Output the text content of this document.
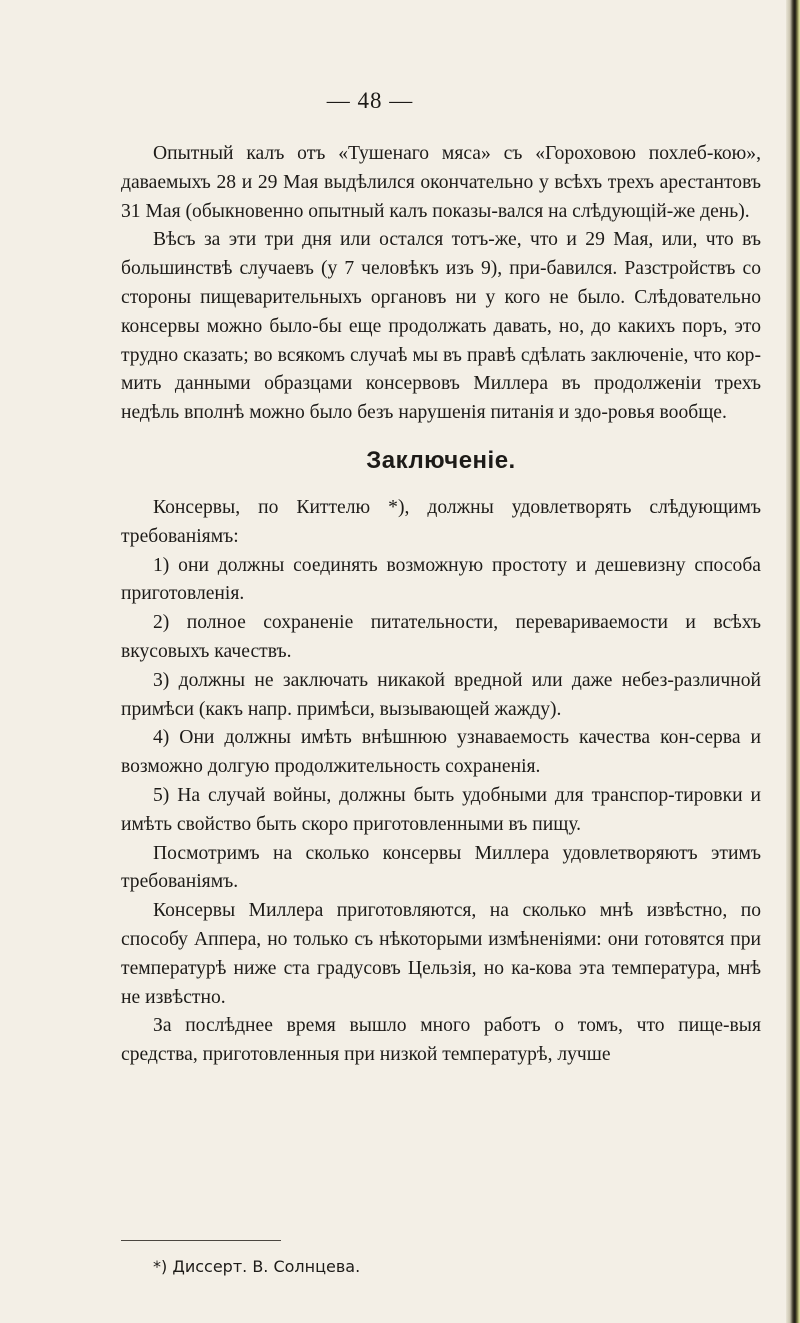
— 48 —

Опытный калъ отъ «Тушенаго мяса» съ «Гороховою похлеб-кою», даваемыхъ 28 и 29 Мая выдѣлился окончательно у всѣхъ трехъ арестантовъ 31 Мая (обыкновенно опытный калъ показы-вался на слѣдующій-же день).

Вѣсъ за эти три дня или остался тотъ-же, что и 29 Мая, или, что въ большинствѣ случаевъ (у 7 человѣкъ изъ 9), при-бавился. Разстройствъ со стороны пищеварительныхъ органовъ ни у кого не было. Слѣдовательно консервы можно было-бы еще продолжать давать, но, до какихъ поръ, это трудно сказать; во всякомъ случаѣ мы въ правѣ сдѣлать заключеніе, что кор-мить данными образцами консервовъ Миллера въ продолженіи трехъ недѣль вполнѣ можно было безъ нарушенія питанія и здо-ровья вообще.

Заключеніе.

Консервы, по Киттелю *), должны удовлетворять слѣдующимъ требованіямъ:

1) они должны соединять возможную простоту и дешевизну способа приготовленія.

2) полное сохраненіе питательности, перевариваемости и всѣхъ вкусовыхъ качествъ.

3) должны не заключать никакой вредной или даже небез-различной примѣси (какъ напр. примѣси, вызывающей жажду).

4) Они должны имѣть внѣшнюю узнаваемость качества кон-серва и возможно долгую продолжительность сохраненія.

5) На случай войны, должны быть удобными для транспор-тировки и имѣть свойство быть скоро приготовленными въ пищу.

Посмотримъ на сколько консервы Миллера удовлетворяютъ этимъ требованіямъ.

Консервы Миллера приготовляются, на сколько мнѣ извѣстно, по способу Аппера, но только съ нѣкоторыми измѣненіями: они готовятся при температурѣ ниже ста градусовъ Цельзія, но ка-кова эта температура, мнѣ не извѣстно.

За послѣднее время вышло много работъ о томъ, что пище-выя средства, приготовленныя при низкой температурѣ, лучше

*) Диссерт. В. Солнцева.
